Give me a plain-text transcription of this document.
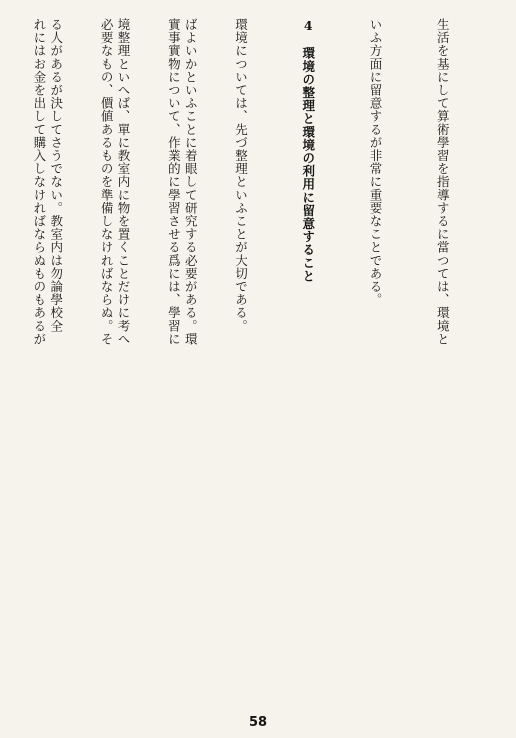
生活を基にして算術學習を指導するに當つては、環境と

いふ方面に留意するが非常に重要なことである。

4　環境の整理と環境の利用に留意すること

環境については、先づ整理といふことが大切である。

實事實物について、作業的に學習させる爲には、學習に

必要なもの、價値あるものを準備しなければならぬ。そ

れにはお金を出して購入しなければならぬものもあるが

	ばよいかといふことに着眼して研究する必要がある。環

境整理といへば、單に教室内に物を置くことだけに考へ

る人があるが決してさうでない。教室内は勿論學校全

58
